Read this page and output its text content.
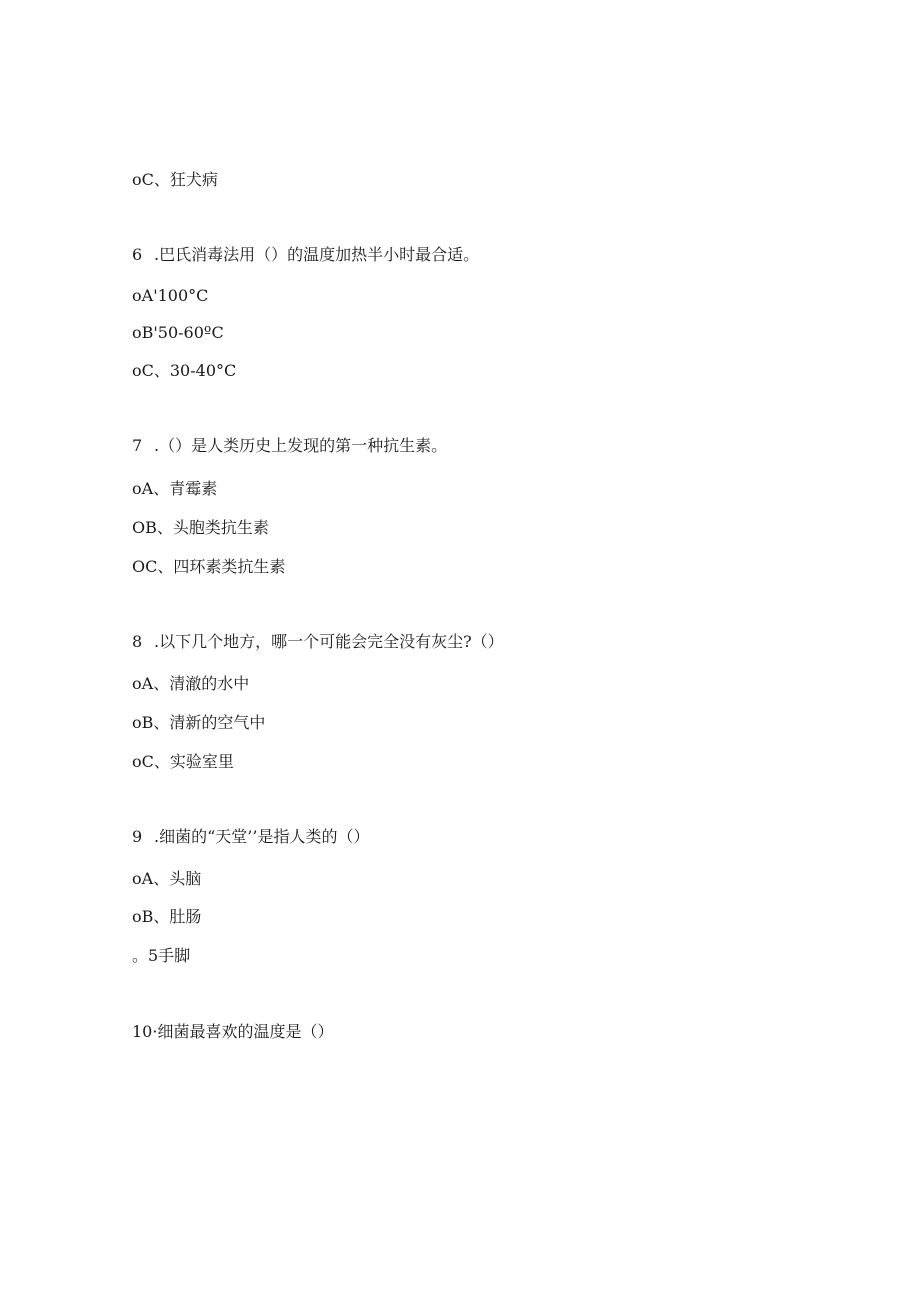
oC、狂犬病
6 .巴氏消毒法用（）的温度加热半小时最合适。
oA'100°C
oB'50-60ºC
oC、30-40°C
7 .（）是人类历史上发现的第一种抗生素。
oA、青霉素
OB、头胞类抗生素
OC、四环素类抗生素
8 .以下几个地方，哪一个可能会完全没有灰尘?（）
oA、清澈的水中
oB、清新的空气中
oC、实验室里
9 .细菌的“天堂’’是指人类的（）
oA、头脑
oB、肚肠
。5手脚
10·细菌最喜欢的温度是（）
